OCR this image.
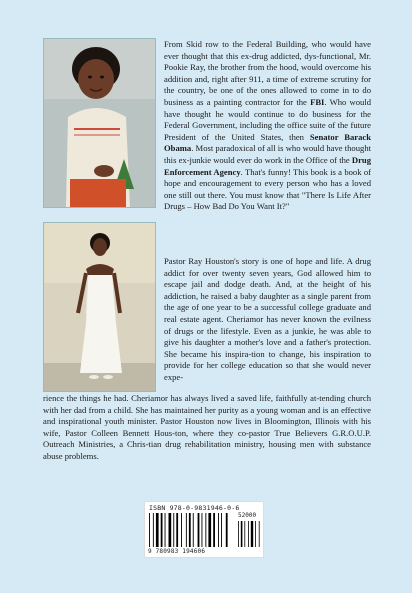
From Skid row to the Federal Building, who would have ever thought that this ex-drug addicted, dys-functional, Mr. Pookie Ray, the brother from the hood, would overcome his addition and, right after 911, a time of extreme scrutiny for the country, be one of the ones allowed to come in to do business as a painting contractor for the FBI. Who would have thought he would continue to do business for the Federal Government, including the office suite of the future President of the United States, then Senator Barack Obama. Most paradoxical of all is who would have thought this ex-junkie would ever do work in the Office of the Drug Enforcement Agency. That's funny! This book is a book of hope and encouragement to every person who has a loved one still out there. You must know that "There Is Life After Drugs – How Bad Do You Want It?"
Pastor Ray Houston's story is one of hope and life. A drug addict for over twenty seven years, God allowed him to escape jail and dodge death. And, at the height of his addiction, he raised a baby daughter as a single parent from the age of one year to be a successful college graduate and real estate agent. Cheriamor has never known the evilness of drugs or the lifestyle. Even as a junkie, he was able to give his daughter a mother's love and a father's protection. She became his inspira-tion to change, his inspiration to provide for her college education so that she would never expe-
rience the things he had. Cheriamor has always lived a saved life, faithfully at-tending church with her dad from a child. She has maintained her purity as a young woman and is an effective and inspirational youth minister. Pastor Houston now lives in Bloomington, Illinois with his wife, Pastor Colleen Bennett Hous-ton, where they co-pastor True Believers G.R.O.U.P. Outreach Ministries, a Chris-tian drug rehabilitation ministry, housing men with substance abuse problems.
ISBN 978-0-9831946-0-6
52000
9 780983 194606
